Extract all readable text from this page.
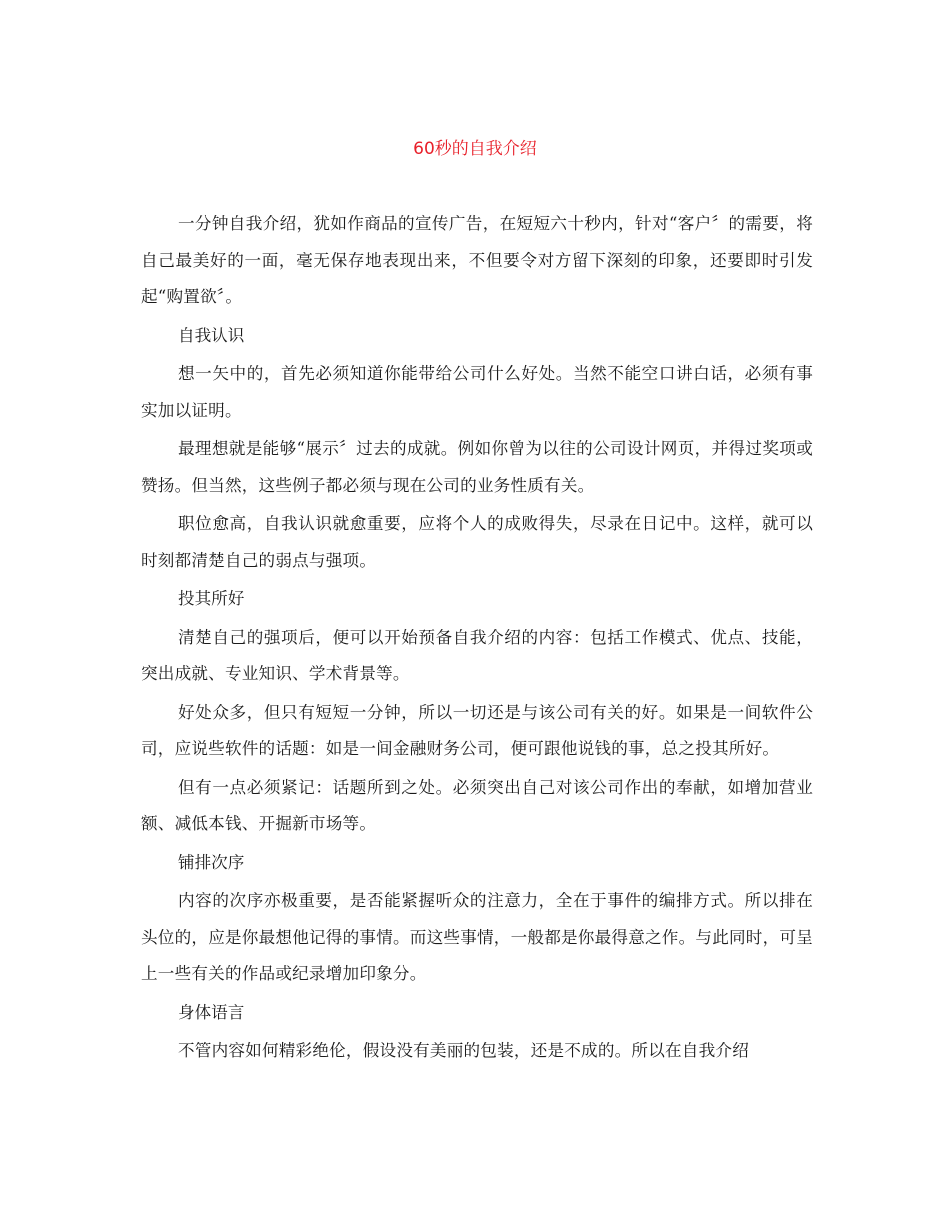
60秒的自我介绍

一分钟自我介绍，犹如作商品的宣传广告，在短短六十秒内，针对“客户〞的需要，将自己最美好的一面，毫无保存地表现出来，不但要令对方留下深刻的印象，还要即时引发起“购置欲〞。

自我认识

想一矢中的，首先必须知道你能带给公司什么好处。当然不能空口讲白话，必须有事实加以证明。

最理想就是能够“展示〞过去的成就。例如你曾为以往的公司设计网页，并得过奖项或赞扬。但当然，这些例子都必须与现在公司的业务性质有关。

职位愈高，自我认识就愈重要，应将个人的成败得失，尽录在日记中。这样，就可以时刻都清楚自己的弱点与强项。

投其所好

清楚自己的强项后，便可以开始预备自我介绍的内容：包括工作模式、优点、技能，突出成就、专业知识、学术背景等。

好处众多，但只有短短一分钟，所以一切还是与该公司有关的好。如果是一间软件公司，应说些软件的话题：如是一间金融财务公司，便可跟他说钱的事，总之投其所好。

但有一点必须紧记：话题所到之处。必须突出自己对该公司作出的奉献，如增加营业额、减低本钱、开掘新市场等。

铺排次序

内容的次序亦极重要，是否能紧握听众的注意力，全在于事件的编排方式。所以排在头位的，应是你最想他记得的事情。而这些事情，一般都是你最得意之作。与此同时，可呈上一些有关的作品或纪录增加印象分。

身体语言

不管内容如何精彩绝伦，假设没有美丽的包装，还是不成的。所以在自我介绍
